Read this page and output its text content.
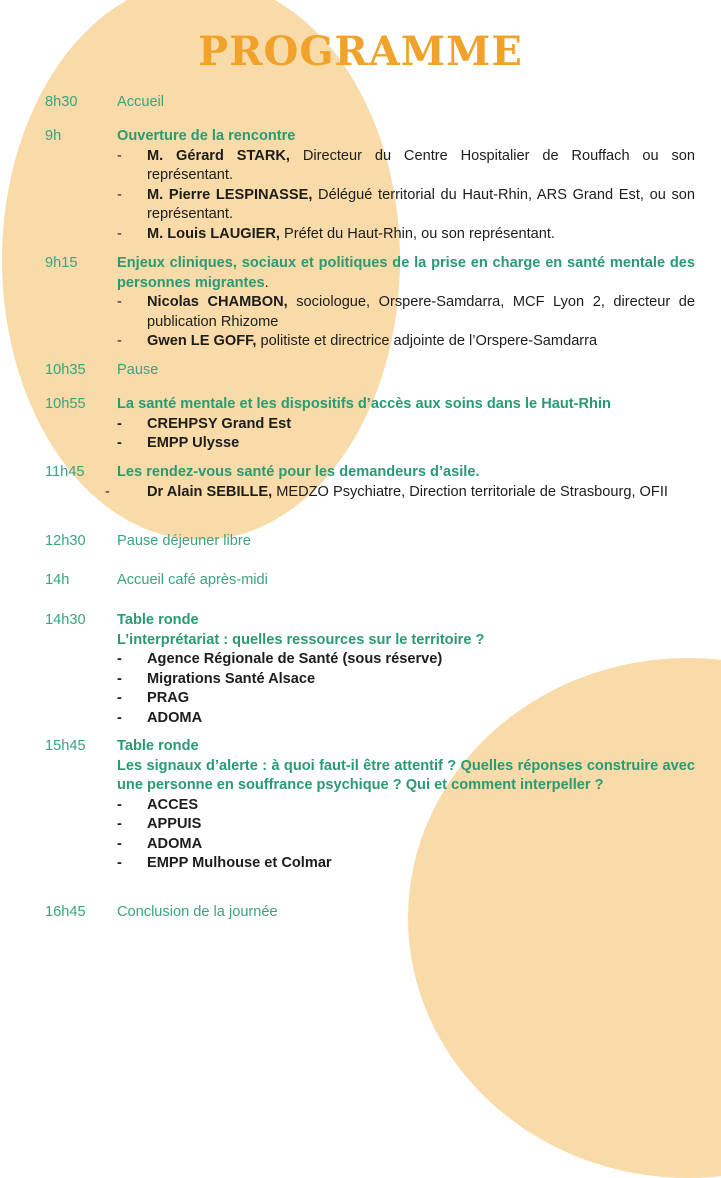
PROGRAMME
8h30	Accueil
9h	Ouverture de la rencontre
- M. Gérard STARK, Directeur du Centre Hospitalier de Rouffach ou son représentant.
- M. Pierre LESPINASSE, Délégué territorial du Haut-Rhin, ARS Grand Est, ou son représentant.
- M. Louis LAUGIER, Préfet du Haut-Rhin, ou son représentant.
9h15	Enjeux cliniques, sociaux et politiques de la prise en charge en santé mentale des personnes migrantes.
- Nicolas CHAMBON, sociologue, Orspere-Samdarra, MCF Lyon 2, directeur de publication Rhizome
- Gwen LE GOFF, politiste et directrice adjointe de l’Orspere-Samdarra
10h35	Pause
10h55	La santé mentale et les dispositifs d’accès aux soins dans le Haut-Rhin
- CREHPSY Grand Est
- EMPP Ulysse
11h45	Les rendez-vous santé pour les demandeurs d’asile.
- Dr Alain SEBILLE, MEDZO Psychiatre, Direction territoriale de Strasbourg, OFII
12h30	Pause déjeuner libre
14h	Accueil café après-midi
14h30	Table ronde
L’interprétariat : quelles ressources sur le territoire ?
- Agence Régionale de Santé (sous réserve)
- Migrations Santé Alsace
- PRAG
- ADOMA
15h45	Table ronde
Les signaux d’alerte : à quoi faut-il être attentif ? Quelles réponses construire avec une personne en souffrance psychique ? Qui et comment interpeller ?
- ACCES
- APPUIS
- ADOMA
- EMPP Mulhouse et Colmar
16h45	Conclusion de la journée
